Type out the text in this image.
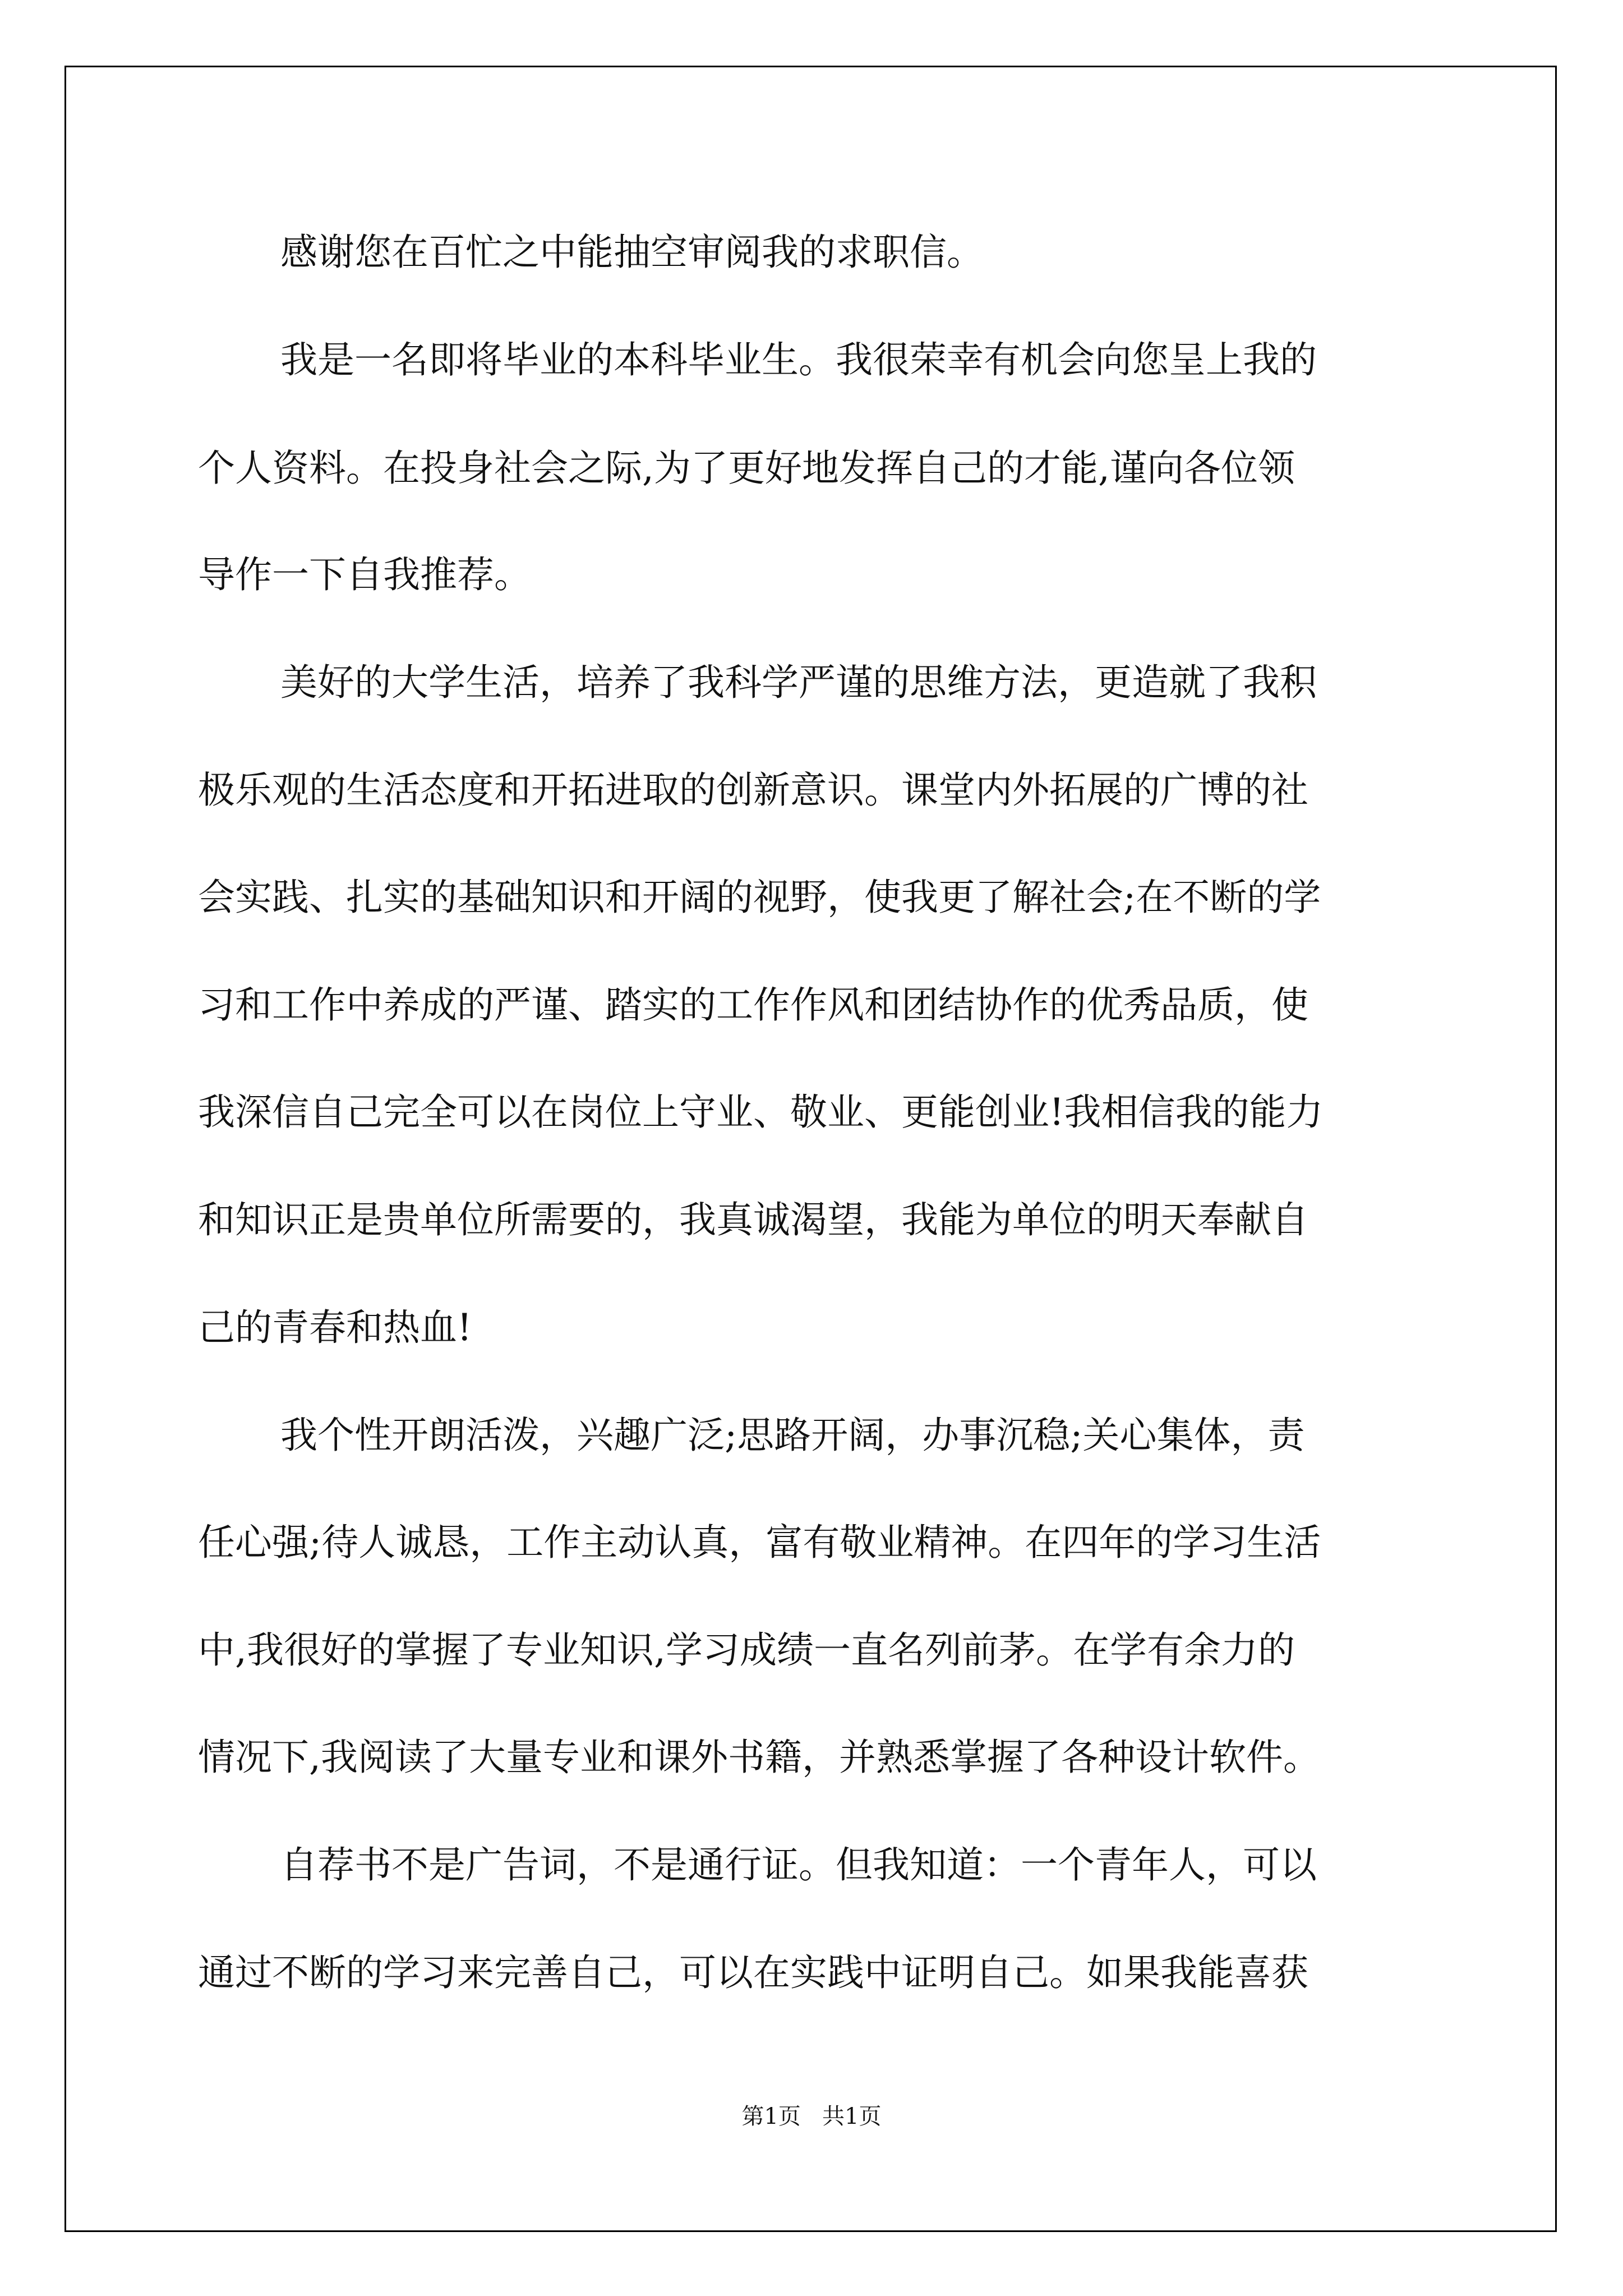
感谢您在百忙之中能抽空审阅我的求职信。
我是一名即将毕业的本科毕业生。我很荣幸有机会向您呈上我的
个人资料。在投身社会之际,为了更好地发挥自己的才能,谨向各位领
导作一下自我推荐。
美好的大学生活，培养了我科学严谨的思维方法，更造就了我积
极乐观的生活态度和开拓进取的创新意识。课堂内外拓展的广博的社
会实践、扎实的基础知识和开阔的视野，使我更了解社会;在不断的学
习和工作中养成的严谨、踏实的工作作风和团结协作的优秀品质，使
我深信自己完全可以在岗位上守业、敬业、更能创业!我相信我的能力
和知识正是贵单位所需要的，我真诚渴望，我能为单位的明天奉献自
己的青春和热血!
我个性开朗活泼，兴趣广泛;思路开阔，办事沉稳;关心集体，责
任心强;待人诚恳，工作主动认真，富有敬业精神。在四年的学习生活
中,我很好的掌握了专业知识,学习成绩一直名列前茅。在学有余力的
情况下,我阅读了大量专业和课外书籍，并熟悉掌握了各种设计软件。
自荐书不是广告词，不是通行证。但我知道：一个青年人，可以
通过不断的学习来完善自己，可以在实践中证明自己。如果我能喜获
第1页   共1页
